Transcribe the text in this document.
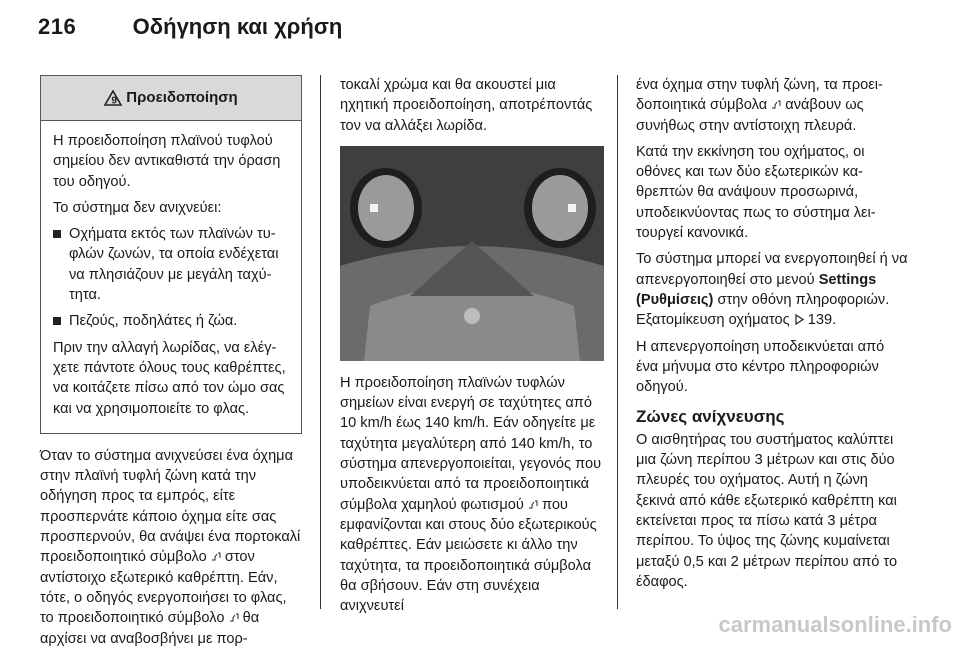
216	Οδήγηση και χρήση
9 Προειδοποίηση

Η προειδοποίηση πλαϊνού τυφλού σημείου δεν αντικαθιστά την όραση του οδηγού.

Το σύστημα δεν ανιχνεύει:

Οχήματα εκτός των πλαϊνών τυφλών ζωνών, τα οποία ενδέχεται να πλησιάζουν με μεγάλη ταχύτητα.
Πεζούς, ποδηλάτες ή ζώα.

Πριν την αλλαγή λωρίδας, να ελέγχετε πάντοτε όλους τους καθρέπτες, να κοιτάζετε πίσω από τον ώμο σας και να χρησιμοποιείτε το φλας.

Όταν το σύστημα ανιχνεύσει ένα όχημα στην πλαϊνή τυφλή ζώνη κατά την οδήγηση προς τα εμπρός, είτε προσπερνάτε κάποιο όχημα είτε σας προσπερνούν, θα ανάψει ένα πορτοκαλί προειδοποιητικό σύμβολο στον αντίστοιχο εξωτερικό καθρέπτη. Εάν, τότε, ο οδηγός ενεργοποιήσει το φλας, το προειδοποιητικό σύμβολο θα αρχίσει να αναβοσβήνει με πορ-

τοκαλί χρώμα και θα ακουστεί μια ηχητική προειδοποίηση, αποτρέποντάς τον να αλλάξει λωρίδα.

Η προειδοποίηση πλαϊνών τυφλών σημείων είναι ενεργή σε ταχύτητες από 10 km/h έως 140 km/h. Εάν οδηγείτε με ταχύτητα μεγαλύτερη από 140 km/h, το σύστημα απενεργοποιείται, γεγονός που υποδεικνύεται από τα προειδοποιητικά σύμβολα χαμηλού φωτισμού που εμφανίζονται και στους δύο εξωτερικούς καθρέπτες. Εάν μειώσετε κι άλλο την ταχύτητα, τα προειδοποιητικά σύμβολα θα σβήσουν. Εάν στη συνέχεια ανιχνευτεί

ένα όχημα στην τυφλή ζώνη, τα προειδοποιητικά σύμβολα ανάβουν ως συνήθως στην αντίστοιχη πλευρά.

Κατά την εκκίνηση του οχήματος, οι οθόνες και των δύο εξωτερικών καθρεπτών θα ανάψουν προσωρινά, υποδεικνύοντας πως το σύστημα λειτουργεί κανονικά.

Το σύστημα μπορεί να ενεργοποιηθεί ή να απενεργοποιηθεί στο μενού Settings (Ρυθμίσεις) στην οθόνη πληροφοριών. Εξατομίκευση οχήματος 139.

Η απενεργοποίηση υποδεικνύεται από ένα μήνυμα στο κέντρο πληροφοριών οδηγού.

Ζώνες ανίχνευσης

Ο αισθητήρας του συστήματος καλύπτει μια ζώνη περίπου 3 μέτρων και στις δύο πλευρές του οχήματος. Αυτή η ζώνη ξεκινά από κάθε εξωτερικό καθρέπτη και εκτείνεται προς τα πίσω κατά 3 μέτρα περίπου. Το ύψος της ζώνης κυμαίνεται μεταξύ 0,5 και 2 μέτρων περίπου από το έδαφος.

carmanualsonline.info
